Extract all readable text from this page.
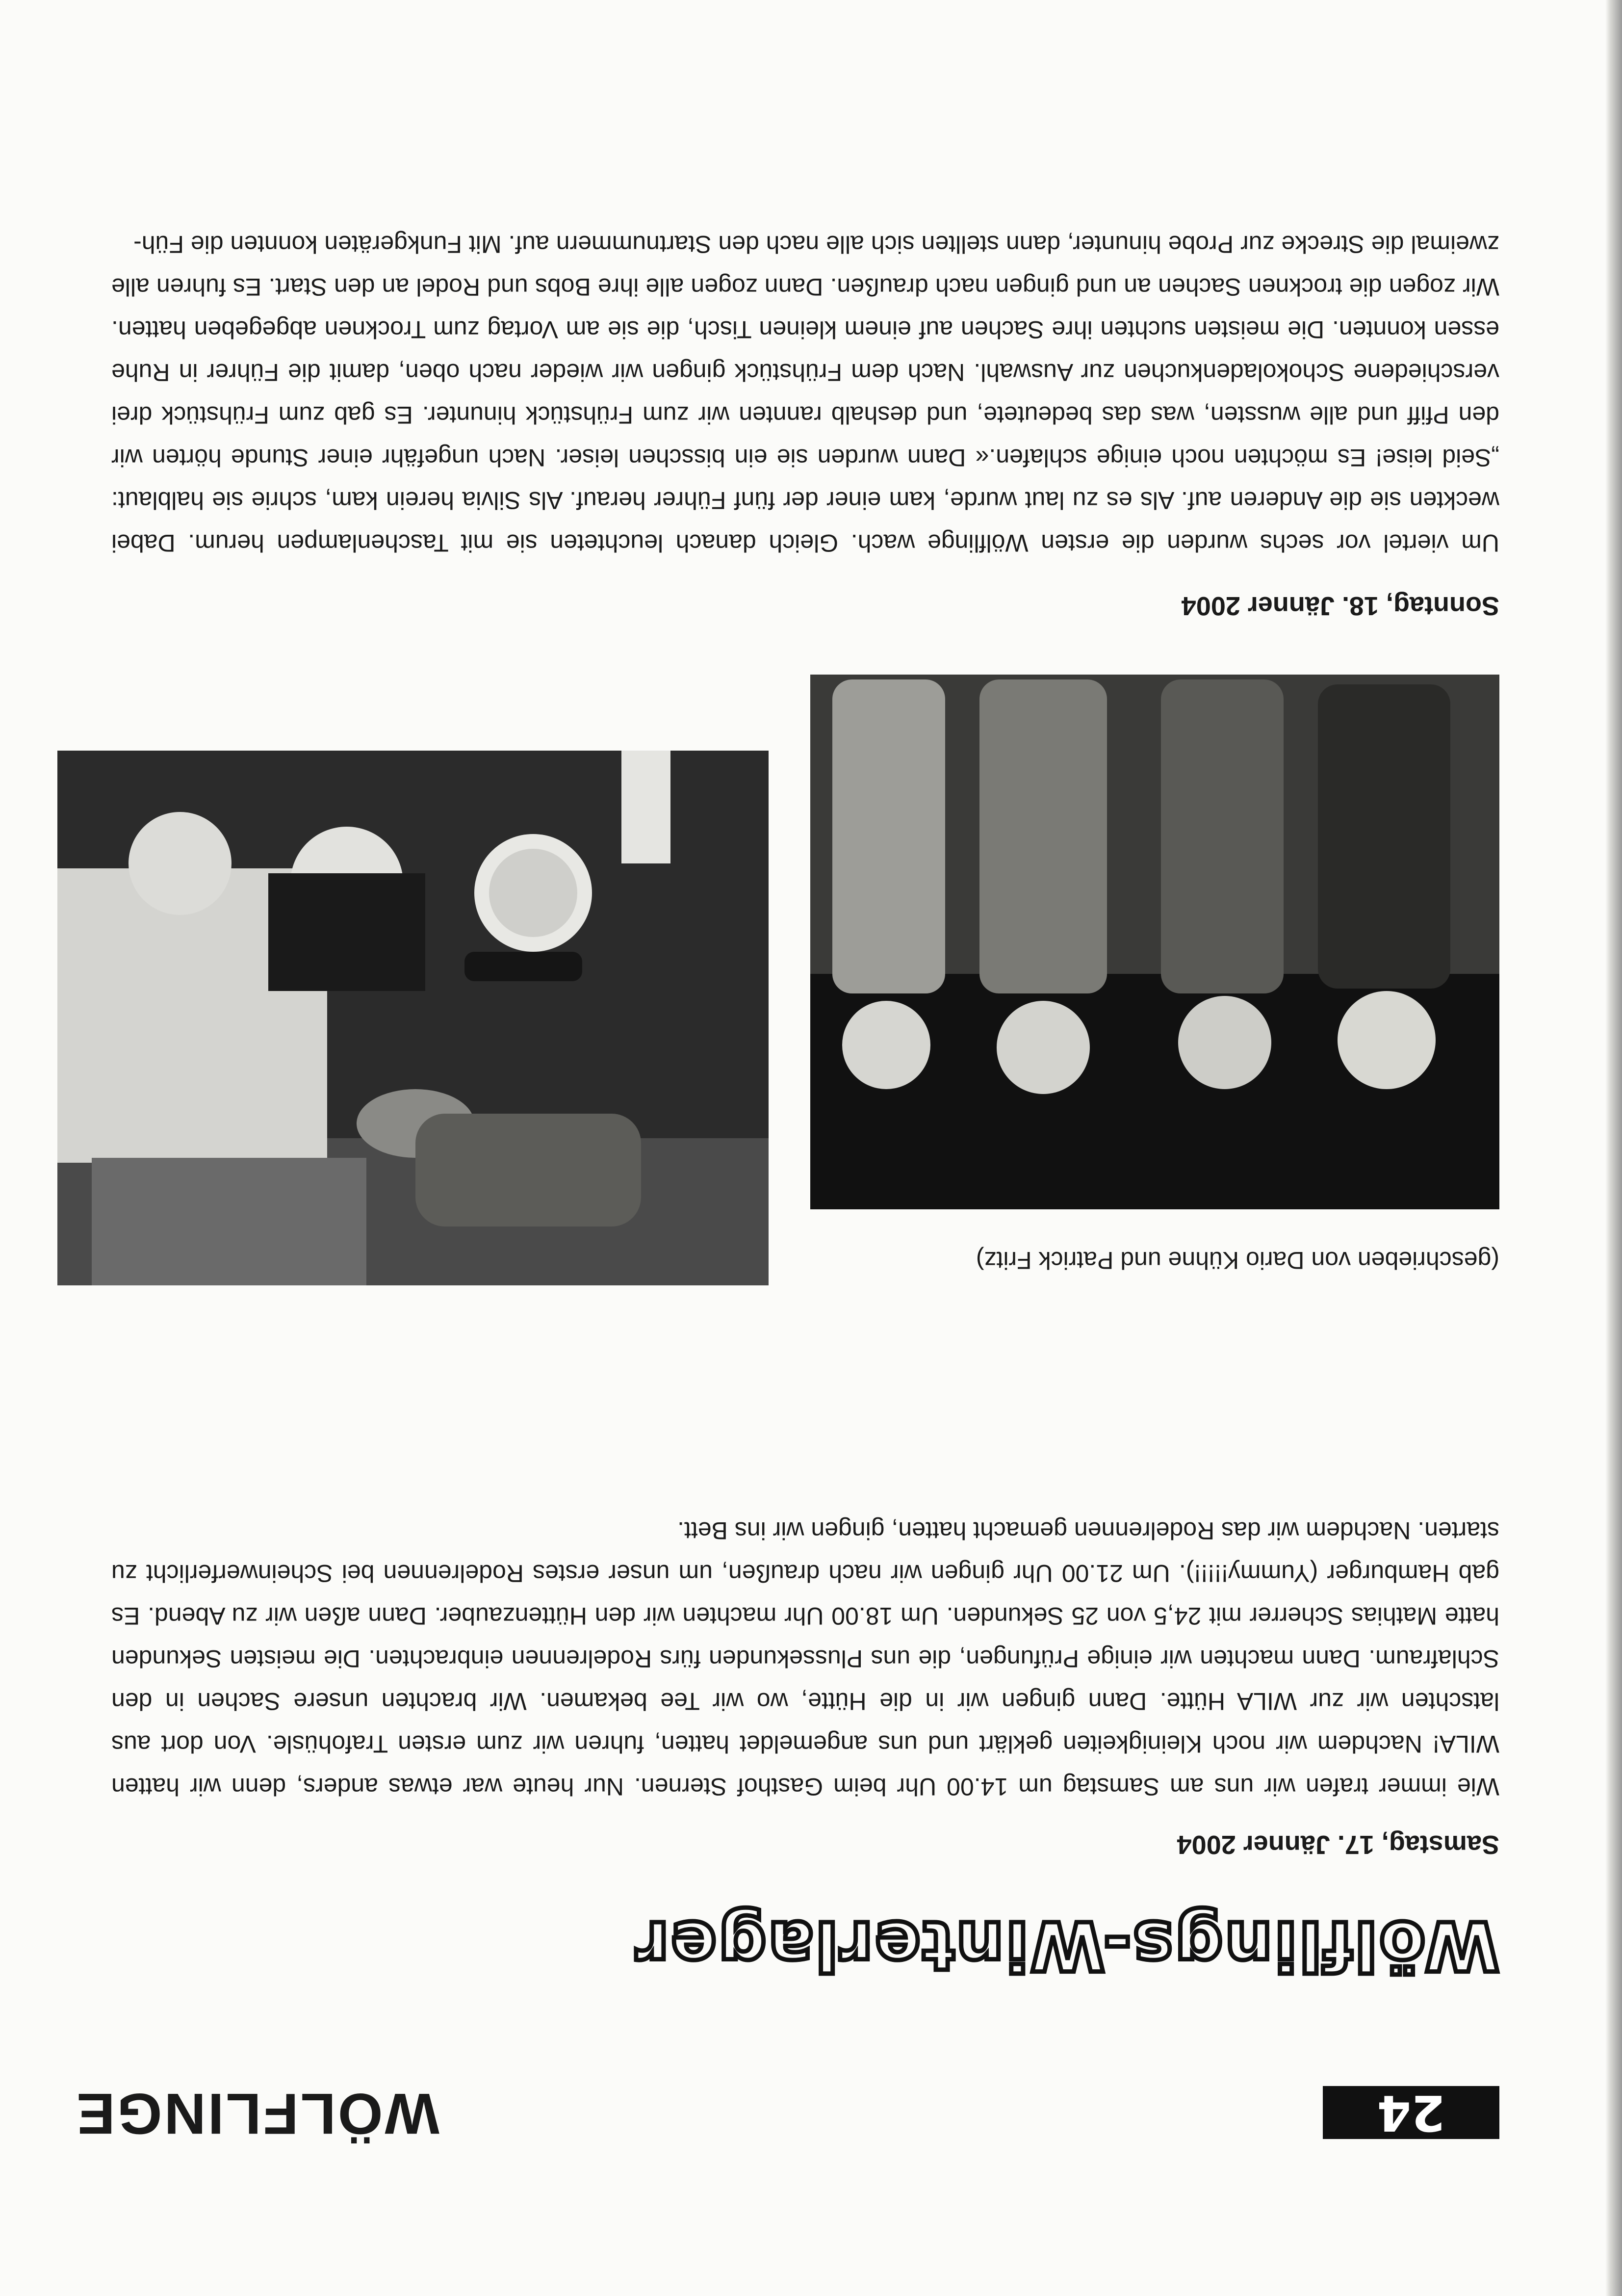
24
WÖLFLINGE
Wölflings-Winterlager
Samstag, 17. Jänner 2004

Wie immer trafen wir uns am Samstag um 14.00 Uhr beim Gasthof Sternen. Nur heute war etwas anders, denn wir hatten WILA! Nachdem wir noch Kleinigkeiten geklärt und uns angemeldet hatten, fuhren wir zum ersten Trafohüsle. Von dort aus latschten wir zur WILA Hütte. Dann gingen wir in die Hütte, wo wir Tee bekamen. Wir brachten unsere Sachen in den Schlafraum. Dann machten wir einige Prüfungen, die uns Plussekunden fürs Rodelrennen einbrachten. Die meisten Sekunden hatte Mathias Scherrer mit 24,5 von 25 Sekunden. Um 18.00 Uhr machten wir den Hüttenzauber. Dann aßen wir zu Abend. Es gab Hamburger (Yummy!!!!!). Um 21.00 Uhr gingen wir nach draußen, um unser erstes Rodelrennen bei Scheinwerferlicht zu starten. Nachdem wir das Rodelrennen gemacht hatten, gingen wir ins Bett.

(geschrieben von Dario Kühne und Patrick Fritz)
Sonntag, 18. Jänner 2004

Um viertel vor sechs wurden die ersten Wölflinge wach. Gleich danach leuchteten sie mit Taschenlampen herum. Dabei weckten sie die Anderen auf. Als es zu laut wurde, kam einer der fünf Führer herauf. Als Silvia herein kam, schrie sie halblaut: „Seid leise! Es möchten noch einige schlafen.« Dann wurden sie ein bisschen leiser. Nach ungefähr einer Stunde hörten wir den Pfiff und alle wussten, was das bedeutete, und deshalb rannten wir zum Frühstück hinunter. Es gab zum Frühstück drei verschiedene Schokoladenkuchen zur Auswahl. Nach dem Frühstück gingen wir wieder nach oben, damit die Führer in Ruhe essen konnten. Die meisten suchten ihre Sachen auf einem kleinen Tisch, die sie am Vortag zum Trocknen abgegeben hatten. Wir zogen die trocknen Sachen an und gingen nach draußen. Dann zogen alle ihre Bobs und Rodel an den Start. Es fuhren alle zweimal die Strecke zur Probe hinunter, dann stellten sich alle nach den Startnummern auf. Mit Funkgeräten konnten die Füh-
